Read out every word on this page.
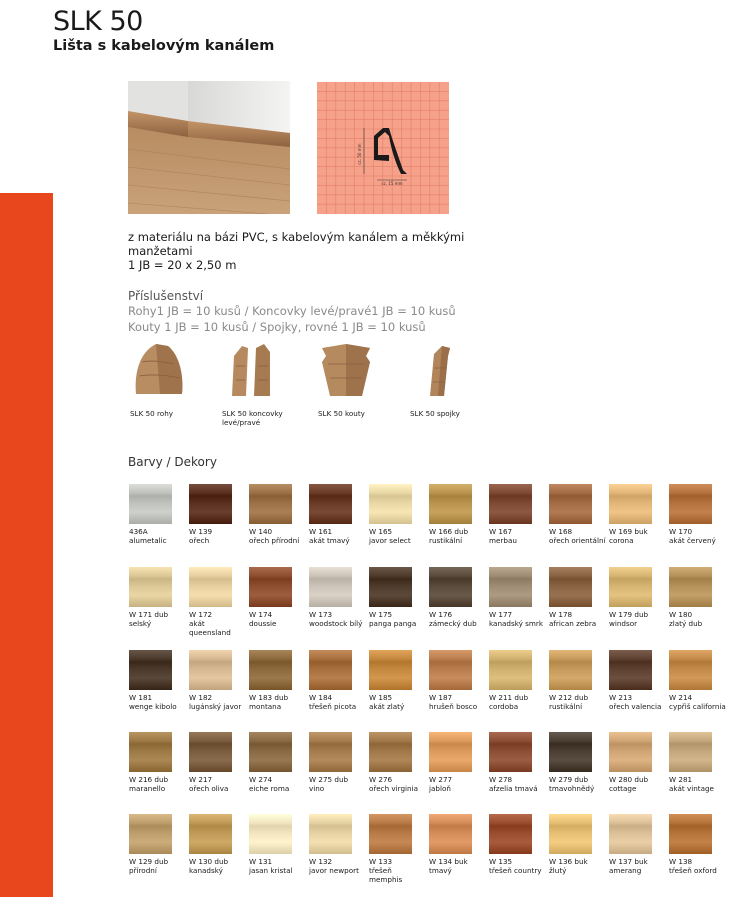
SLK 50
Lišta s kabelovým kanálem
cc. 50 mm
cc. 15 mm
z materiálu na bázi PVC, s kabelovým kanálem a měkkými manžetami
1 JB = 20 x 2,50 m
Příslušenství
Rohy1 JB = 10 kusů / Koncovky levé/pravé1 JB = 10 kusů
Kouty 1 JB = 10 kusů / Spojky, rovné 1 JB = 10 kusů
SLK 50 rohy	SLK 50 koncovky levé/pravé
SLK 50 kouty	SLK 50 spojky
Barvy / Dekory
436A
alumetalic
W 139
ořech
W 140
ořech přírodní
W 161
akát tmavý
W 165
javor select
W 166 dub
rustikální
W 167
merbau
W 168
ořech orientální
W 169 buk
corona
W 170
akát červený
W 171 dub
selský
W 172
akát queensland
W 174
doussie
W 173
woodstock bílý
W 175
panga panga
W 176
zámecký dub
W 177
kanadský smrk
W 178
african zebra
W 179 dub
windsor
W 180
zlatý dub
W 181
wenge kibolo
W 182
lugánský javor
W 183 dub
montana
W 184
třešeň picota
W 185
akát zlatý
W 187
hrušeň bosco
W 211 dub
cordoba
W 212 dub
rustikální
W 213
ořech valencia
W 214
cypřiš california
W 216 dub
maranello
W 217
ořech oliva
W 274
eiche roma
W 275 dub
vino
W 276
ořech virginia
W 277
jabloň
W 278
afzelia tmavá
W 279 dub
tmavohnědý
W 280 dub
cottage
W 281
akát vintage
W 129 dub
přírodní
W 130 dub
kanadský
W 131
jasan kristal
W 132
javor newport
W 133
třešeň memphis
W 134 buk
tmavý
W 135
třešeň country
W 136 buk
žlutý
W 137 buk
amerang
W 138
třešeň oxford
